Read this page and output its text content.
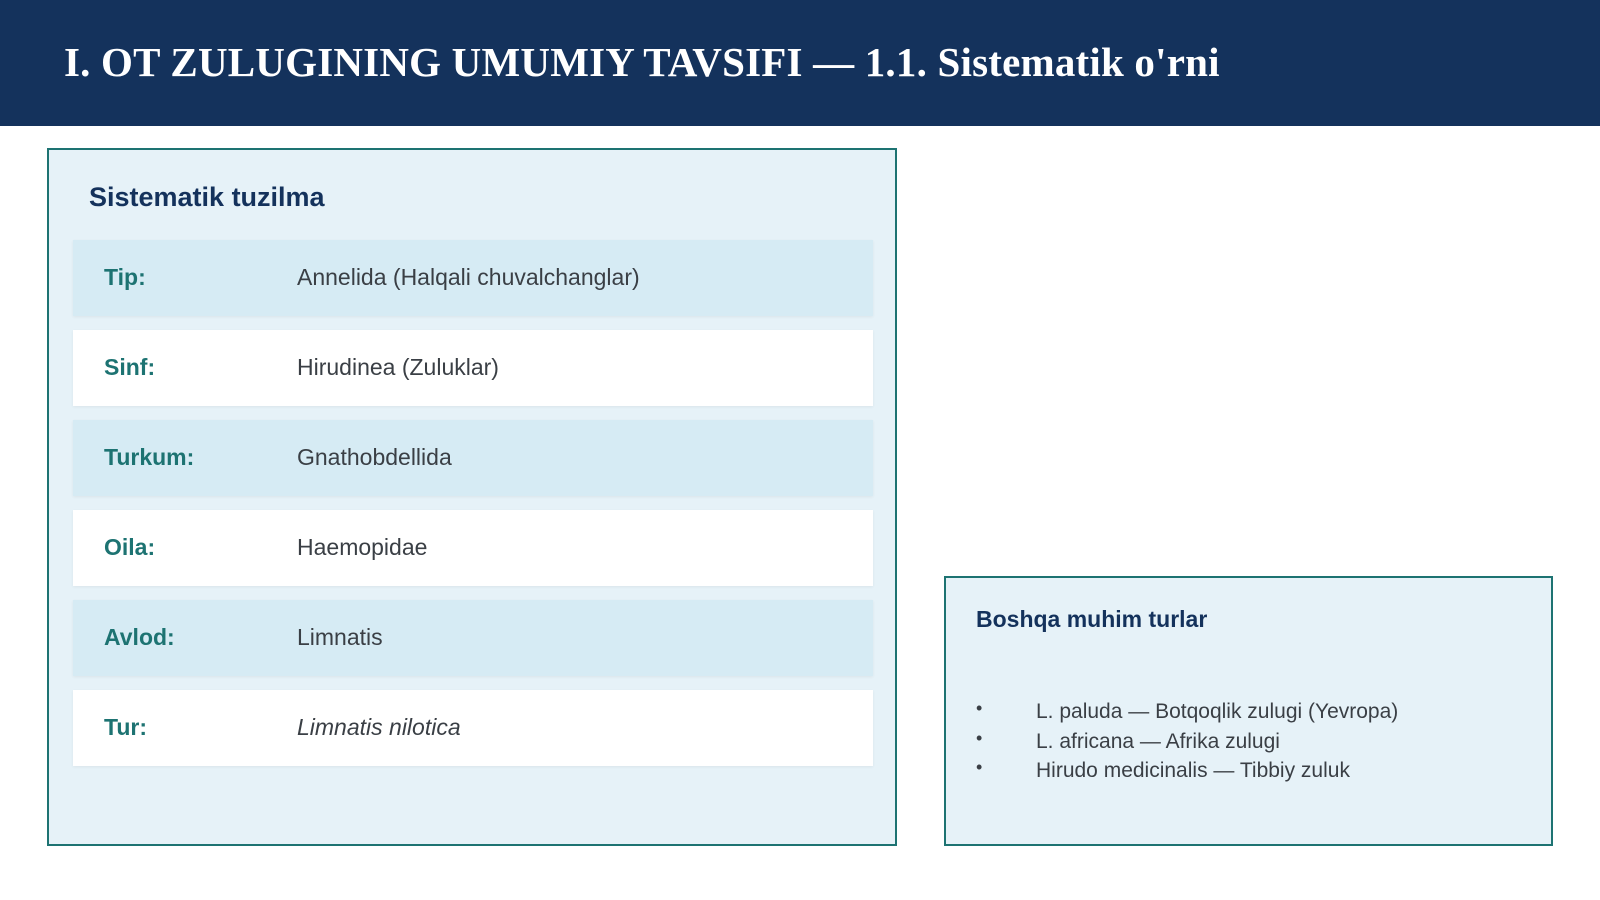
I. OT ZULUGINING UMUMIY TAVSIFI — 1.1. Sistematik o'rni
Sistematik tuzilma
Tip:	Annelida (Halqali chuvalchanglar)
Sinf:	Hirudinea (Zuluklar)
Turkum:	Gnathobdellida
Oila:	Haemopidae
Avlod:	Limnatis
Tur:	Limnatis nilotica
Boshqa muhim turlar
•	L. paluda — Botqoqlik zulugi (Yevropa)
•	L. africana — Afrika zulugi
•	Hirudo medicinalis — Tibbiy zuluk
